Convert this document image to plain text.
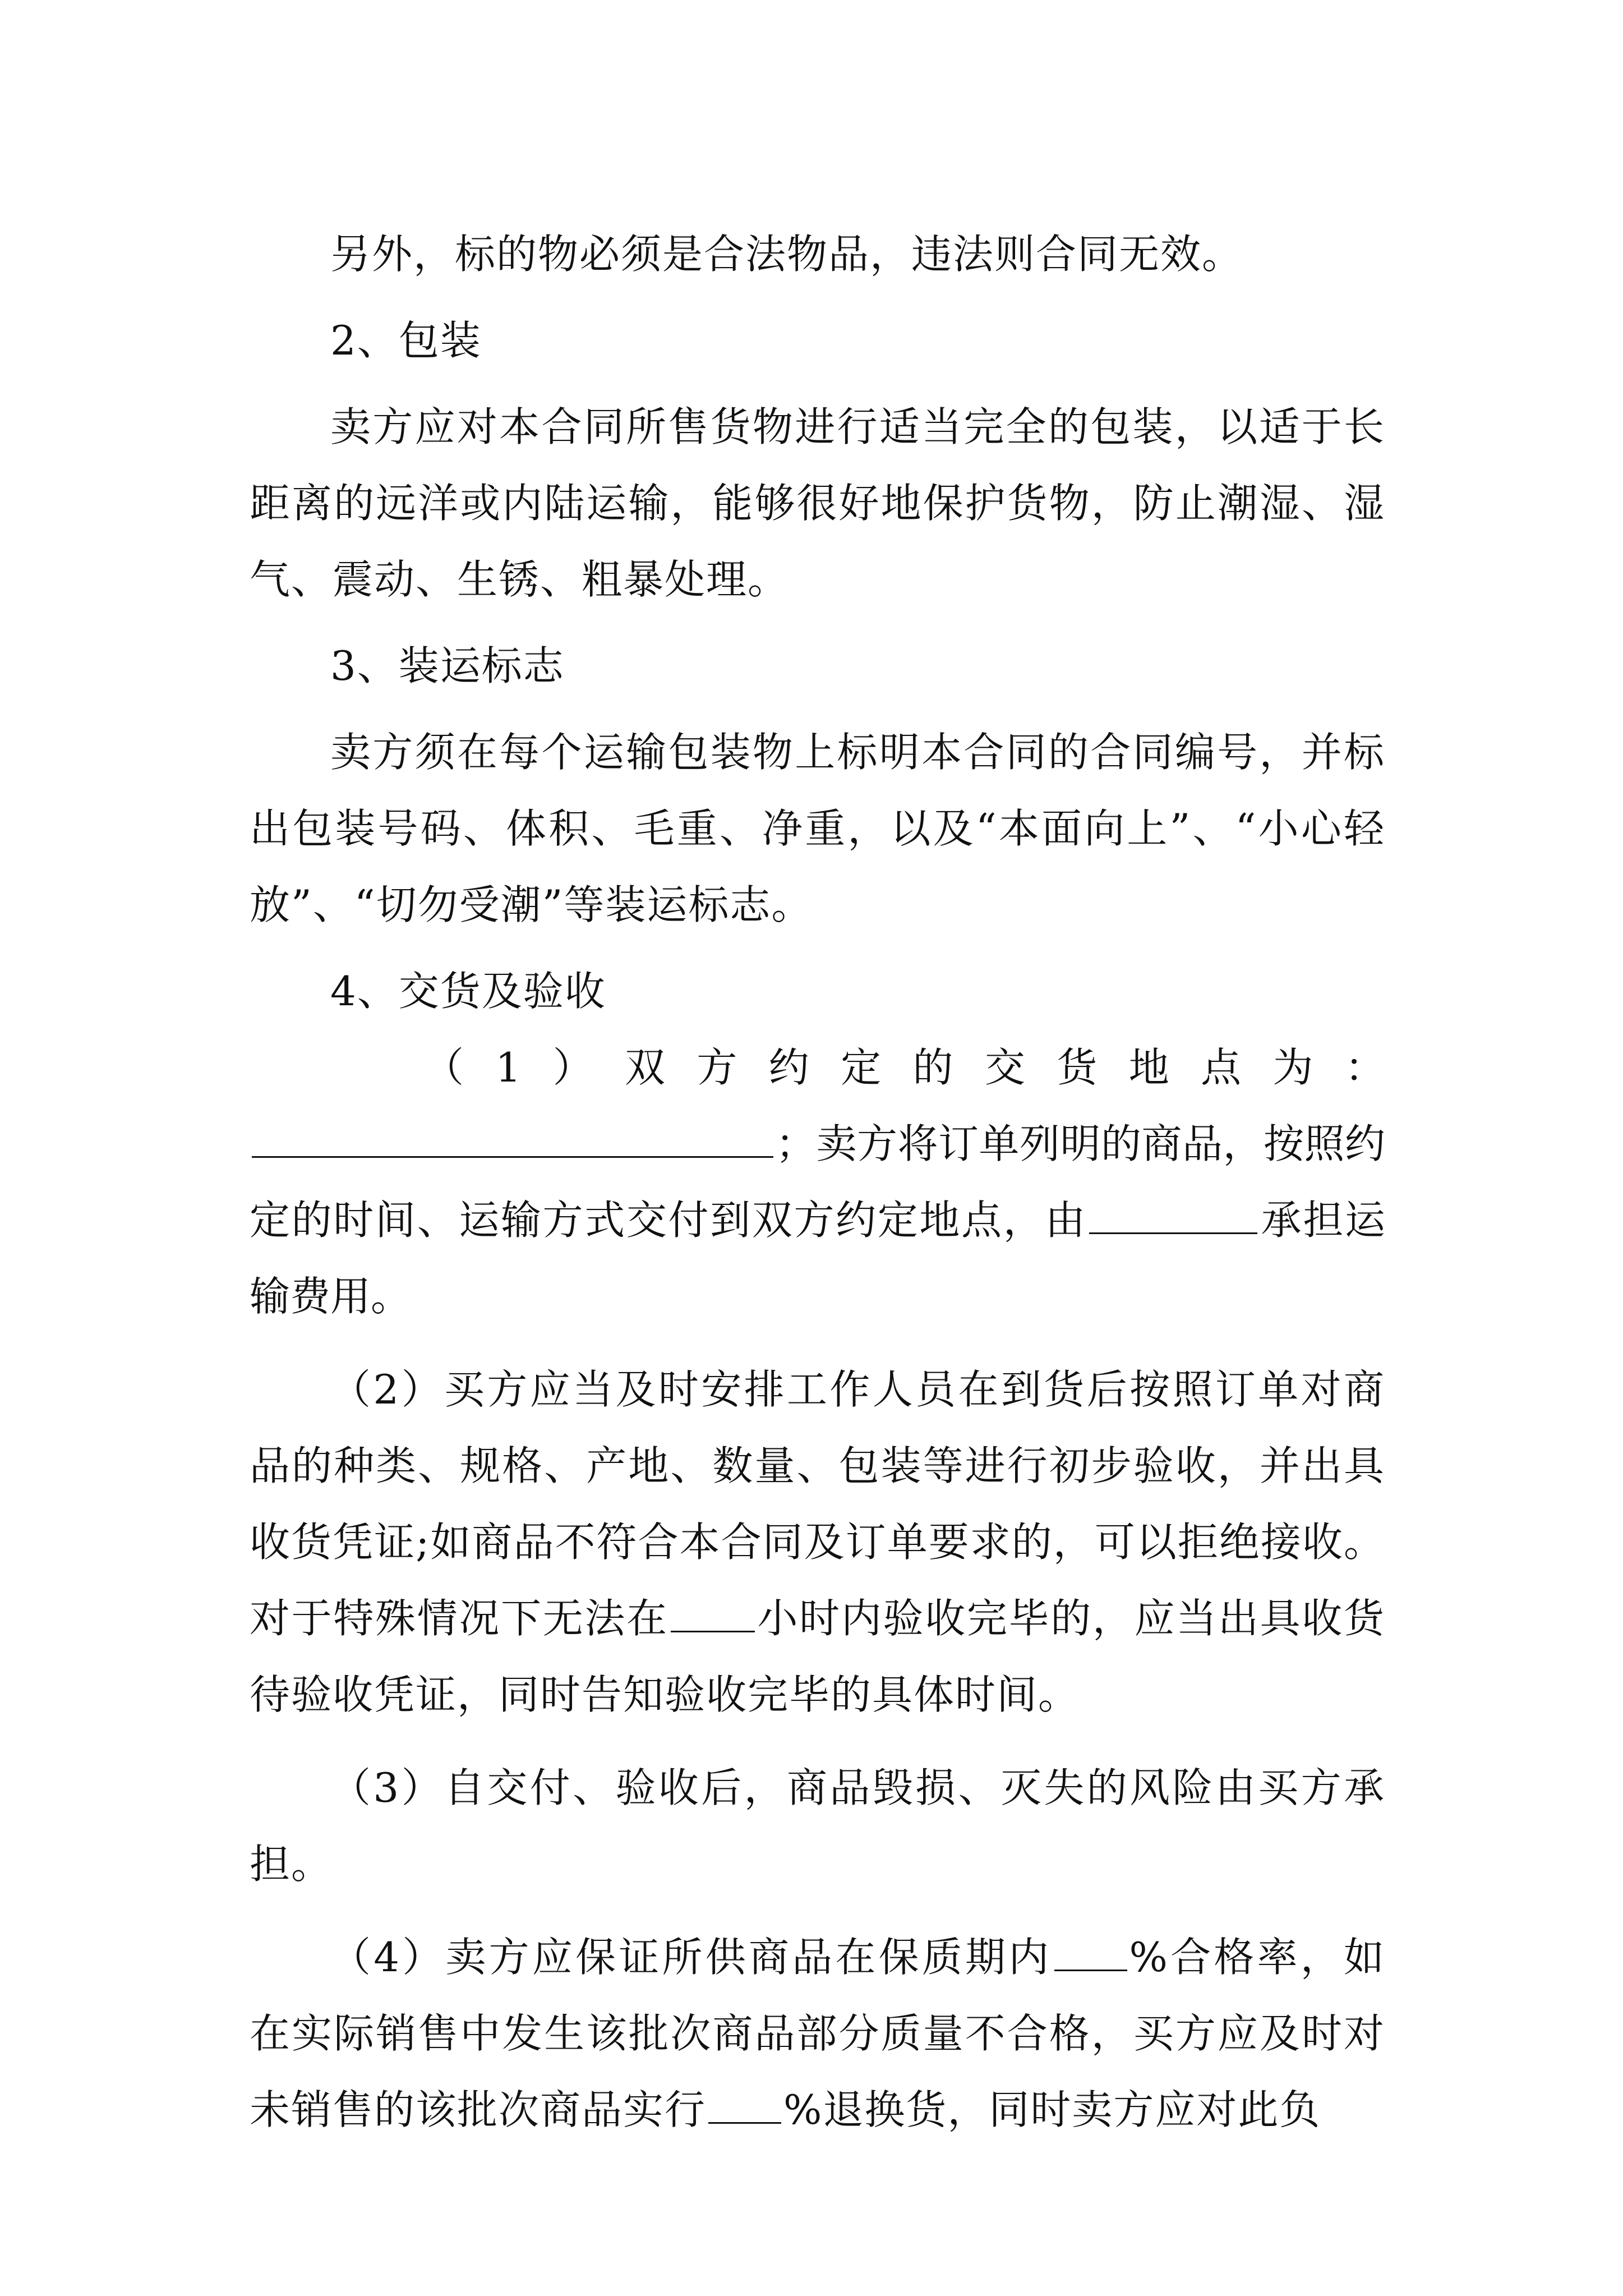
另外，标的物必须是合法物品，违法则合同无效。

2、包装

卖方应对本合同所售货物进行适当完全的包装，以适于长距离的远洋或内陆运输，能够很好地保护货物，防止潮湿、湿气、震动、生锈、粗暴处理。

3、装运标志

卖方须在每个运输包装物上标明本合同的合同编号，并标出包装号码、体积、毛重、净重，以及“本面向上”、“小心轻放”、“切勿受潮”等装运标志。

4、交货及验收

（ 1 ） 双 方 约 定 的 交 货 地 点 为 ：

；卖方将订单列明的商品，按照约定的时间、运输方式交付到双方约定地点，由	承担运输费用。

（2）买方应当及时安排工作人员在到货后按照订单对商品的种类、规格、产地、数量、包装等进行初步验收，并出具收货凭证;如商品不符合本合同及订单要求的，可以拒绝接收。对于特殊情况下无法在 小时内验收完毕的，应当出具收货待验收凭证，同时告知验收完毕的具体时间。

（3）自交付、验收后，商品毁损、灭失的风险由买方承担。

（4）卖方应保证所供商品在保质期内 %合格率，如在实际销售中发生该批次商品部分质量不合格，买方应及时对未销售的该批次商品实行 %退换货，同时卖方应对此负
